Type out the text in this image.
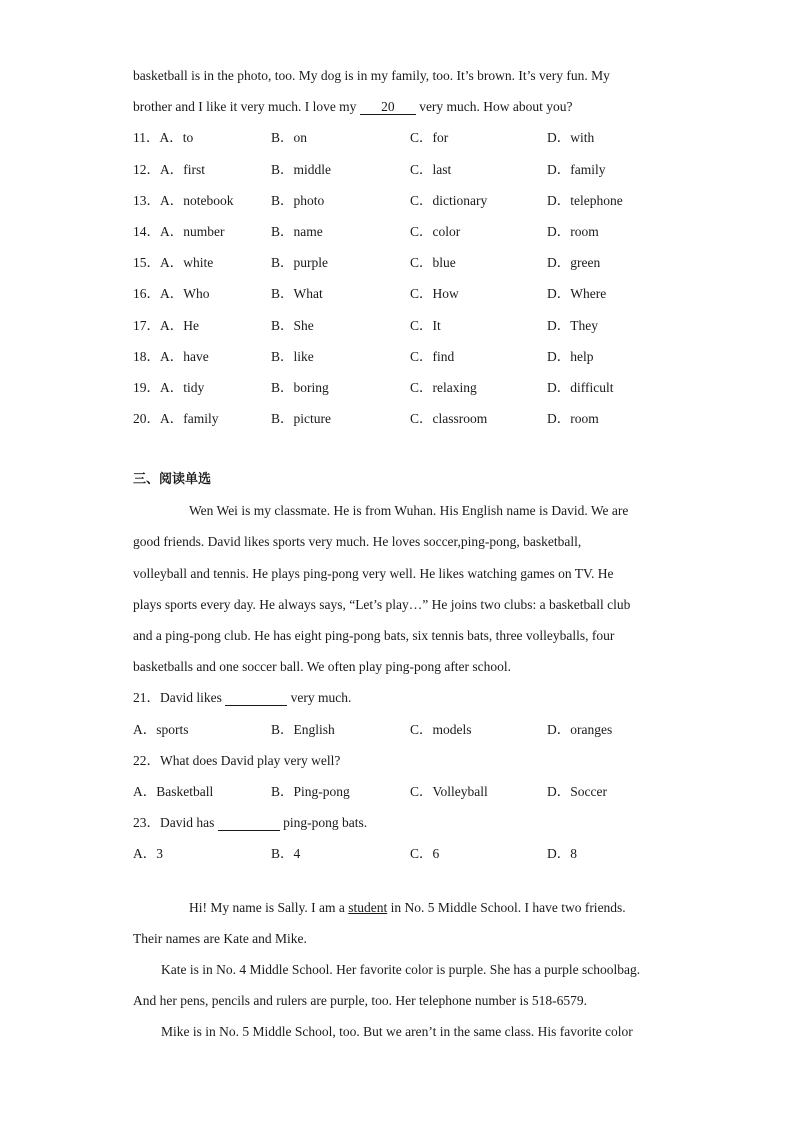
basketball is in the photo, too. My dog is in my family, too. It’s brown. It’s very fun. My
brother and I like it very much. I love my 20 very much. How about you?
11．A．to	B．on	C．for	D．with
12．A．first	B．middle	C．last	D．family
13．A．notebook	B．photo	C．dictionary	D．telephone
14．A．number	B．name	C．color	D．room
15．A．white	B．purple	C．blue	D．green
16．A．Who	B．What	C．How	D．Where
17．A．He	B．She	C．It	D．They
18．A．have	B．like	C．find	D．help
19．A．tidy	B．boring	C．relaxing	D．difficult
20．A．family	B．picture	C．classroom	D．room
三、阅读单选
Wen Wei is my classmate. He is from Wuhan. His English name is David. We are
good friends. David likes sports very much. He loves soccer,ping-pong, basketball,
volleyball and tennis. He plays ping-pong very well. He likes watching games on TV. He
plays sports every day. He always says, “Let’s play…” He joins two clubs: a basketball club
and a ping-pong club. He has eight ping-pong bats, six tennis bats, three volleyballs, four
basketballs and one soccer ball. We often play ping-pong after school.
21．David likes	very much.
A．sports	B．English	C．models	D．oranges
22．What does David play very well?
A．Basketball	B．Ping-pong	C．Volleyball	D．Soccer
23．David has	ping-pong bats.
A．3	B．4	C．6	D．8
Hi! My name is Sally. I am a student in No. 5 Middle School. I have two friends.
Their names are Kate and Mike.
Kate is in No. 4 Middle School. Her favorite color is purple. She has a purple schoolbag.
And her pens, pencils and rulers are purple, too. Her telephone number is 518-6579.
Mike is in No. 5 Middle School, too. But we aren’t in the same class. His favorite color
